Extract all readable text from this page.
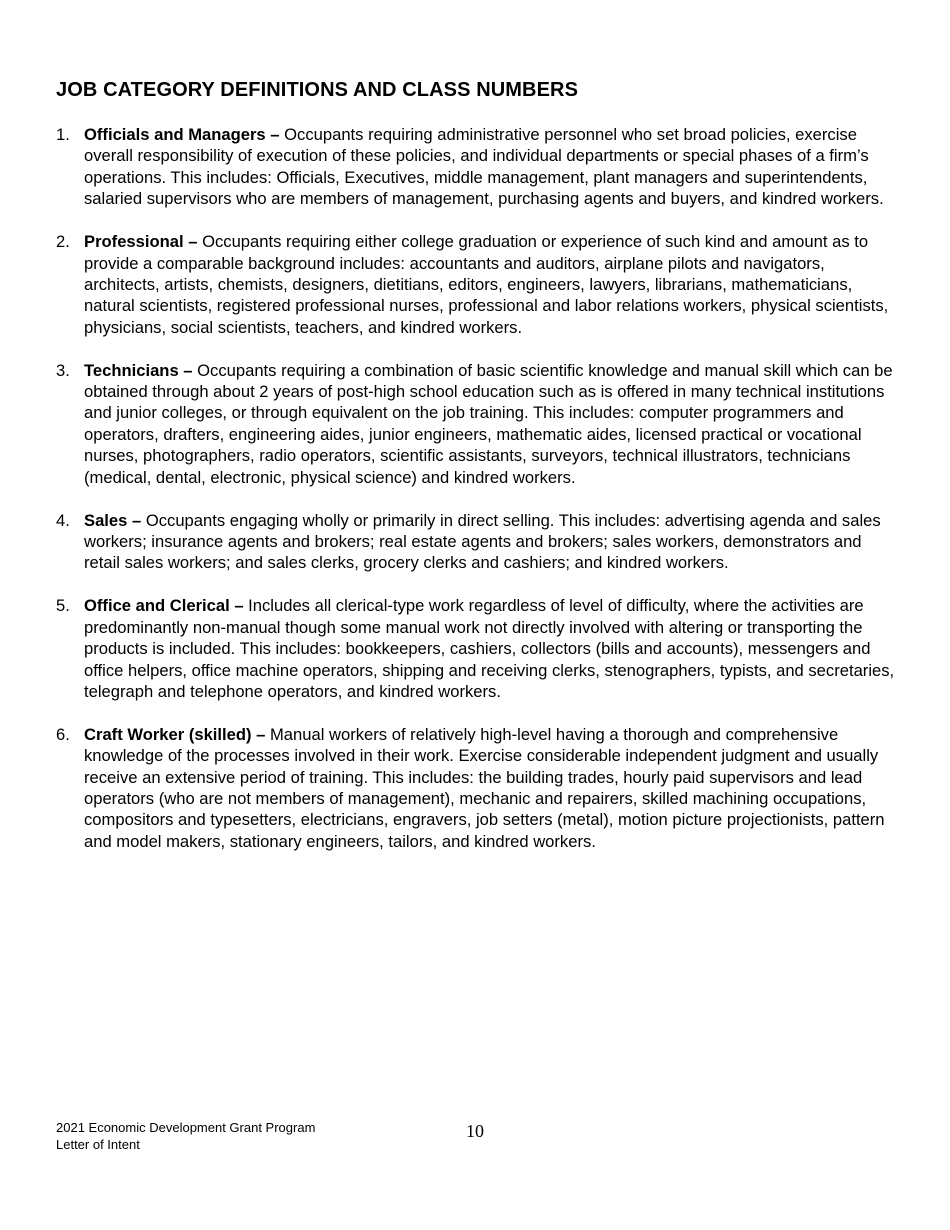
JOB CATEGORY DEFINITIONS AND CLASS NUMBERS
1. Officials and Managers – Occupants requiring administrative personnel who set broad policies, exercise overall responsibility of execution of these policies, and individual departments or special phases of a firm’s operations. This includes: Officials, Executives, middle management, plant managers and superintendents, salaried supervisors who are members of management, purchasing agents and buyers, and kindred workers.
2. Professional – Occupants requiring either college graduation or experience of such kind and amount as to provide a comparable background includes: accountants and auditors, airplane pilots and navigators, architects, artists, chemists, designers, dietitians, editors, engineers, lawyers, librarians, mathematicians, natural scientists, registered professional nurses, professional and labor relations workers, physical scientists, physicians, social scientists, teachers, and kindred workers.
3. Technicians – Occupants requiring a combination of basic scientific knowledge and manual skill which can be obtained through about 2 years of post-high school education such as is offered in many technical institutions and junior colleges, or through equivalent on the job training. This includes: computer programmers and operators, drafters, engineering aides, junior engineers, mathematic aides, licensed practical or vocational nurses, photographers, radio operators, scientific assistants, surveyors, technical illustrators, technicians (medical, dental, electronic, physical science) and kindred workers.
4. Sales – Occupants engaging wholly or primarily in direct selling. This includes: advertising agenda and sales workers; insurance agents and brokers; real estate agents and brokers; sales workers, demonstrators and retail sales workers; and sales clerks, grocery clerks and cashiers; and kindred workers.
5. Office and Clerical – Includes all clerical-type work regardless of level of difficulty, where the activities are predominantly non-manual though some manual work not directly involved with altering or transporting the products is included. This includes: bookkeepers, cashiers, collectors (bills and accounts), messengers and office helpers, office machine operators, shipping and receiving clerks, stenographers, typists, and secretaries, telegraph and telephone operators, and kindred workers.
6. Craft Worker (skilled) – Manual workers of relatively high-level having a thorough and comprehensive knowledge of the processes involved in their work. Exercise considerable independent judgment and usually receive an extensive period of training. This includes: the building trades, hourly paid supervisors and lead operators (who are not members of management), mechanic and repairers, skilled machining occupations, compositors and typesetters, electricians, engravers, job setters (metal), motion picture projectionists, pattern and model makers, stationary engineers, tailors, and kindred workers.
2021 Economic Development Grant Program
Letter of Intent
10
